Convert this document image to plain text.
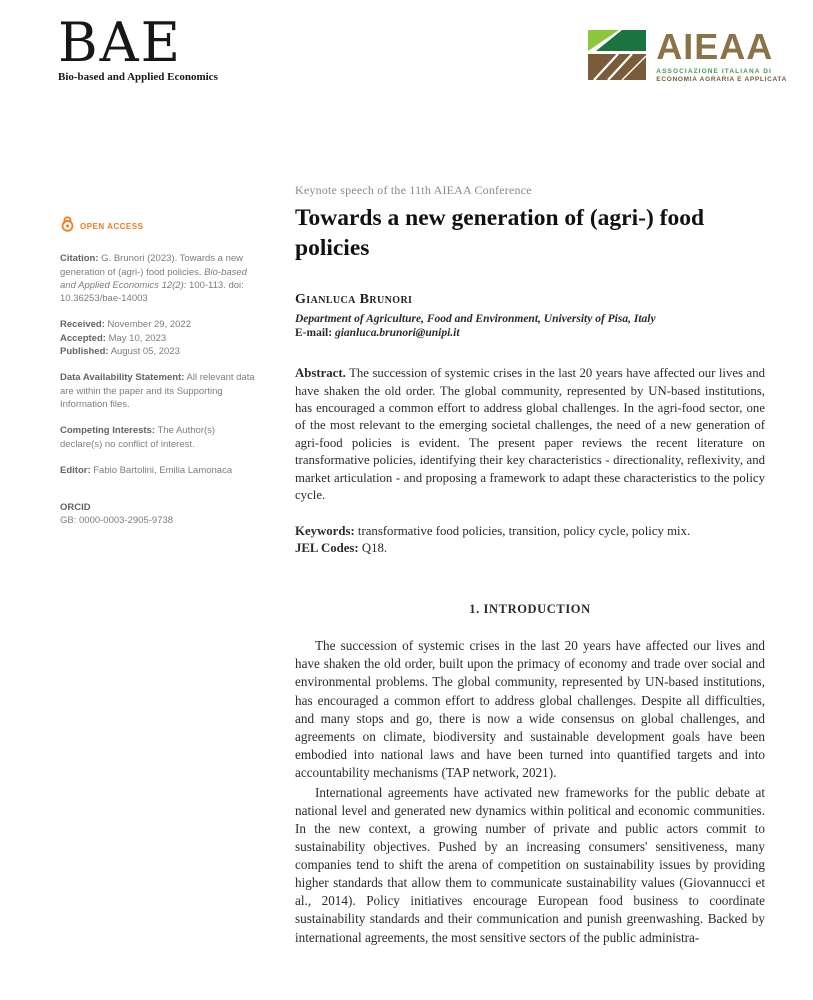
BAE
Bio-based and Applied Economics
AIEAA
ASSOCIAZIONE ITALIANA DI
ECONOMIA AGRARIA E APPLICATA
OPEN ACCESS

Citation: G. Brunori (2023). Towards a new generation of (agri-) food policies. Bio-based and Applied Economics 12(2): 100-113. doi: 10.36253/bae-14003

Received: November 29, 2022
Accepted: May 10, 2023
Published: August 05, 2023

Data Availability Statement: All relevant data are within the paper and its Supporting Information files.

Competing Interests: The Author(s) declare(s) no conflict of interest.

Editor: Fabio Bartolini, Emilia Lamonaca

ORCID
GB: 0000-0003-2905-9738
Keynote speech of the 11th AIEAA Conference
Towards a new generation of (agri-) food policies
Gianluca Brunori
Department of Agriculture, Food and Environment, University of Pisa, Italy
E-mail: gianluca.brunori@unipi.it

Abstract. The succession of systemic crises in the last 20 years have affected our lives and have shaken the old order. The global community, represented by UN-based institutions, has encouraged a common effort to address global challenges. In the agri-food sector, one of the most relevant to the emerging societal challenges, the need of a new generation of agri-food policies is evident. The present paper reviews the recent literature on transformative policies, identifying their key characteristics - directionality, reflexivity, and market articulation - and proposing a framework to adapt these characteristics to the policy cycle.

Keywords: transformative food policies, transition, policy cycle, policy mix.

JEL Codes: Q18.

1. INTRODUCTION

The succession of systemic crises in the last 20 years have affected our lives and have shaken the old order, built upon the primacy of economy and trade over social and environmental problems. The global community, represented by UN-based institutions, has encouraged a common effort to address global challenges. Despite all difficulties, and many stops and go, there is now a wide consensus on global challenges, and agreements on climate, biodiversity and sustainable development goals have been embodied into national laws and have been turned into quantified targets and into accountability mechanisms (TAP network, 2021).

International agreements have activated new frameworks for the public debate at national level and generated new dynamics within political and economic communities. In the new context, a growing number of private and public actors commit to sustainability objectives. Pushed by an increasing consumers' sensitiveness, many companies tend to shift the arena of competition on sustainability issues by providing higher standards that allow them to communicate sustainability values (Giovannucci et al., 2014). Policy initiatives encourage European food business to coordinate sustainability standards and their communication and punish greenwashing. Backed by international agreements, the most sensitive sectors of the public administra-
